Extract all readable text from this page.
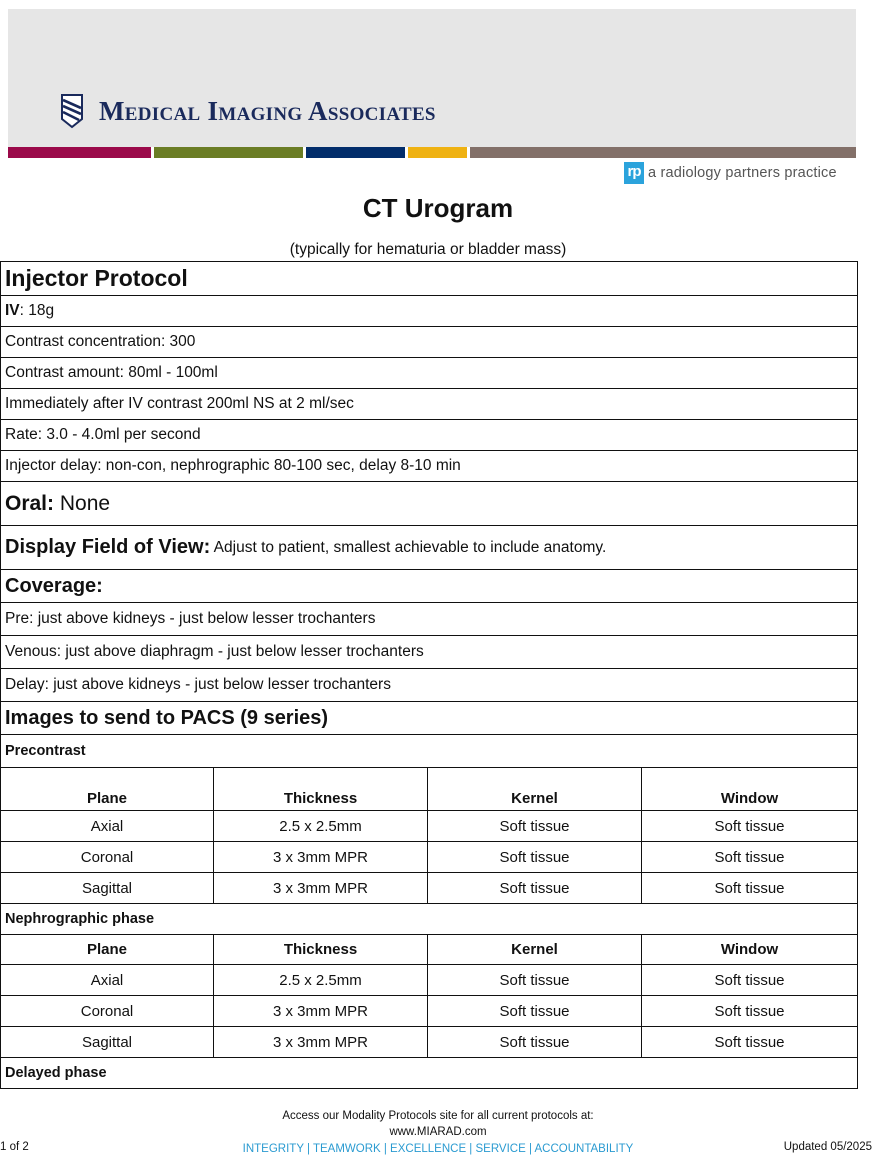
Medical Imaging Associates
rp a radiology partners practice
CT Urogram
(typically for hematuria or bladder mass)
Injector Protocol
IV : 18g
Contrast concentration: 300
Contrast amount: 80ml - 100ml
Immediately after IV contrast 200ml NS at 2 ml/sec
Rate: 3.0 - 4.0ml per second
Injector delay: non-con, nephrographic 80-100 sec, delay 8-10 min
Oral: None
Display Field of View: Adjust to patient, smallest achievable to include anatomy.
Coverage:
Pre: just above kidneys - just below lesser trochanters
Venous: just above diaphragm - just below lesser trochanters
Delay: just above kidneys - just below lesser trochanters
Images to send to PACS (9 series)
Precontrast
Plane	Thickness	Kernel	Window
Axial	2.5 x 2.5mm	Soft tissue	Soft tissue
Coronal	3 x 3mm MPR	Soft tissue	Soft tissue
Sagittal	3 x 3mm MPR	Soft tissue	Soft tissue
Nephrographic phase
Plane	Thickness	Kernel	Window
Axial	2.5 x 2.5mm	Soft tissue	Soft tissue
Coronal	3 x 3mm MPR	Soft tissue	Soft tissue
Sagittal	3 x 3mm MPR	Soft tissue	Soft tissue
Delayed phase
Access our Modality Protocols site for all current protocols at:
www.MIARAD.com
INTEGRITY | TEAMWORK | EXCELLENCE | SERVICE | ACCOUNTABILITY
1 of 2	Updated 05/2025
